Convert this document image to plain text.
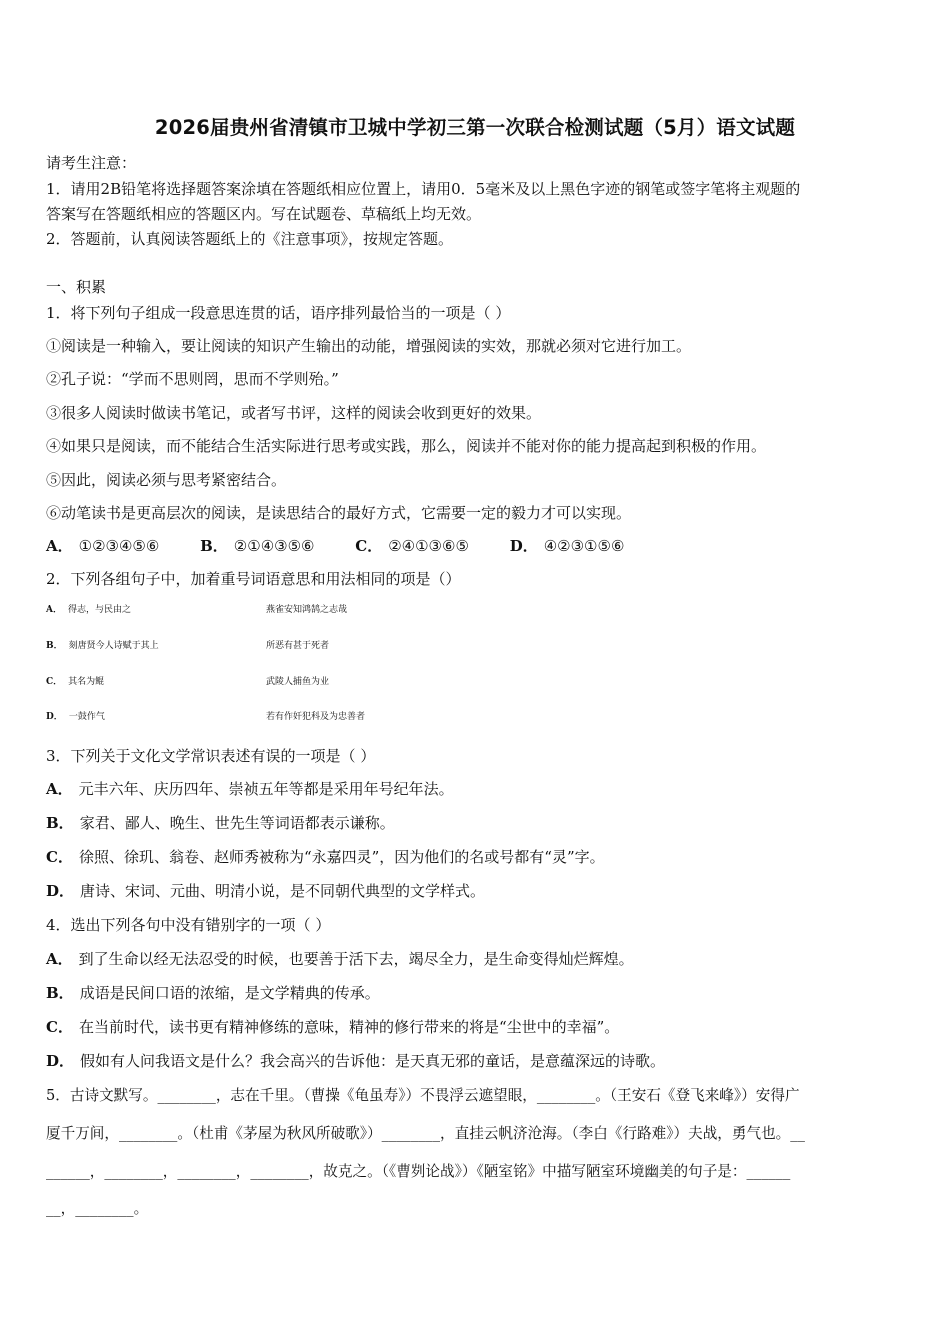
2026届贵州省清镇市卫城中学初三第一次联合检测试题（5月）语文试题
请考生注意：
1．请用2B铅笔将选择题答案涂填在答题纸相应位置上，请用0．5毫米及以上黑色字迹的钢笔或签字笔将主观题的
答案写在答题纸相应的答题区内。写在试题卷、草稿纸上均无效。
2．答题前，认真阅读答题纸上的《注意事项》，按规定答题。
一、积累
1．将下列句子组成一段意思连贯的话，语序排列最恰当的一项是（ ）
①阅读是一种输入，要让阅读的知识产生输出的动能，增强阅读的实效，那就必须对它进行加工。
②孔子说：“学而不思则罔，思而不学则殆。”
③很多人阅读时做读书笔记，或者写书评，这样的阅读会收到更好的效果。
④如果只是阅读，而不能结合生活实际进行思考或实践，那么，阅读并不能对你的能力提高起到积极的作用。
⑤因此，阅读必须与思考紧密结合。
⑥动笔读书是更高层次的阅读，是读思结合的最好方式，它需要一定的毅力才可以实现。
A． ①②③④⑤⑥	B． ②①④③⑤⑥	C． ②④①③⑥⑤	D． ④②③①⑤⑥
2．下列各组句子中，加着重号词语意思和用法相同的项是（）
A． 得志，与民由之	燕雀安知鸿鹄之志哉
B． 刻唐贤今人诗赋于其上	所恶有甚于死者
C． 其名为鲲	武陵人捕鱼为业
D． 一鼓作气	若有作奸犯科及为忠善者
3．下列关于文化文学常识表述有误的一项是（ ）
A． 元丰六年、庆历四年、崇祯五年等都是采用年号纪年法。
B． 家君、鄙人、晚生、世先生等词语都表示谦称。
C． 徐照、徐玑、翁卷、赵师秀被称为“永嘉四灵”，因为他们的名或号都有“灵”字。
D． 唐诗、宋词、元曲、明清小说，是不同朝代典型的文学样式。
4．选出下列各句中没有错别字的一项（ ）
A． 到了生命以经无法忍受的时候，也要善于活下去，竭尽全力，是生命变得灿烂辉煌。
B． 成语是民间口语的浓缩，是文学精典的传承。
C． 在当前时代，读书更有精神修练的意味，精神的修行带来的将是“尘世中的幸福”。
D． 假如有人问我语文是什么？我会高兴的告诉他：是天真无邪的童话，是意蕴深远的诗歌。
5．古诗文默写。________，志在千里。（曹操《龟虽寿》）不畏浮云遮望眼，________。（王安石《登飞来峰》）安得广
厦千万间，________。（杜甫《茅屋为秋风所破歌》）________，直挂云帆济沧海。（李白《行路难》）夫战，勇气也。__
______，________，________，________，故克之。（《曹刿论战》）《陋室铭》中描写陋室环境幽美的句子是：______
__，________。
